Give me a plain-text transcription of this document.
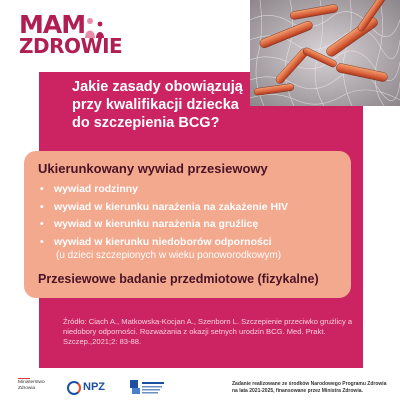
MAM
ZDROWIE
Jakie zasady obowiązują przy kwalifikacji dziecka do szczepienia BCG?
Ukierunkowany wywiad przesiewowy
• wywiad rodzinny
• wywiad w kierunku narażenia na zakażenie HIV
• wywiad w kierunku narażenia na gruźlicę
• wywiad w kierunku niedoborów odporności
(u dzieci szczepionych w wieku ponoworodkowym)
Przesiewowe badanie przedmiotowe (fizykalne)
Źródło: Ciach A., Matkowska-Kocjan A., Szenborn L. Szczepienie przeciwko gruźlicy a niedobory odporności. Rozważania z okazji setnych urodzin BCG. Med. Prakt. Szczep.,2021;2: 83-88.
Ministerstwo
Zdrowia	NPZ	Zadanie realizowane ze środków Narodowego Programu Zdrowia na lata 2021-2025, finansowane przez Ministra Zdrowia.
